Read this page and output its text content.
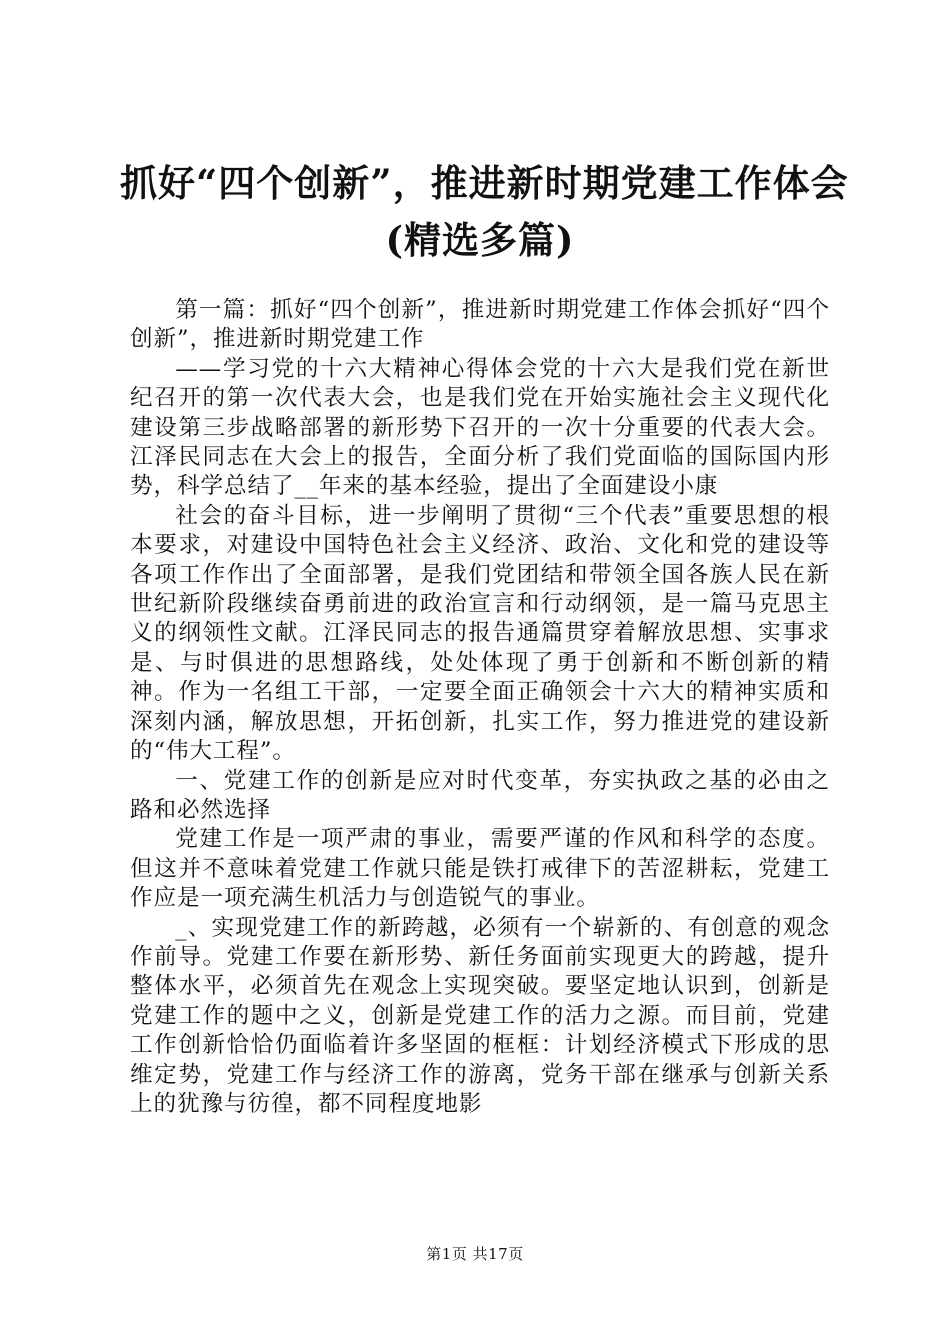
抓好“四个创新”，推进新时期党建工作体会
(精选多篇)

第一篇：抓好“四个创新”，推进新时期党建工作体会抓好“四个创新”，推进新时期党建工作

——学习党的十六大精神心得体会党的十六大是我们党在新世纪召开的第一次代表大会，也是我们党在开始实施社会主义现代化建设第三步战略部署的新形势下召开的一次十分重要的代表大会。江泽民同志在大会上的报告，全面分析了我们党面临的国际国内形势，科学总结了__年来的基本经验，提出了全面建设小康

社会的奋斗目标，进一步阐明了贯彻“三个代表”重要思想的根本要求，对建设中国特色社会主义经济、政治、文化和党的建设等各项工作作出了全面部署，是我们党团结和带领全国各族人民在新世纪新阶段继续奋勇前进的政治宣言和行动纲领，是一篇马克思主义的纲领性文献。江泽民同志的报告通篇贯穿着解放思想、实事求是、与时俱进的思想路线，处处体现了勇于创新和不断创新的精神。作为一名组工干部，一定要全面正确领会十六大的精神实质和深刻内涵，解放思想，开拓创新，扎实工作，努力推进党的建设新的“伟大工程”。

一、党建工作的创新是应对时代变革，夯实执政之基的必由之路和必然选择

党建工作是一项严肃的事业，需要严谨的作风和科学的态度。但这并不意味着党建工作就只能是铁打戒律下的苦涩耕耘，党建工作应是一项充满生机活力与创造锐气的事业。

_、实现党建工作的新跨越，必须有一个崭新的、有创意的观念作前导。党建工作要在新形势、新任务面前实现更大的跨越，提升整体水平，必须首先在观念上实现突破。要坚定地认识到，创新是党建工作的题中之义，创新是党建工作的活力之源。而目前，党建工作创新恰恰仍面临着许多坚固的框框：计划经济模式下形成的思维定势，党建工作与经济工作的游离，党务干部在继承与创新关系上的犹豫与彷徨，都不同程度地影

第1页 共17页
